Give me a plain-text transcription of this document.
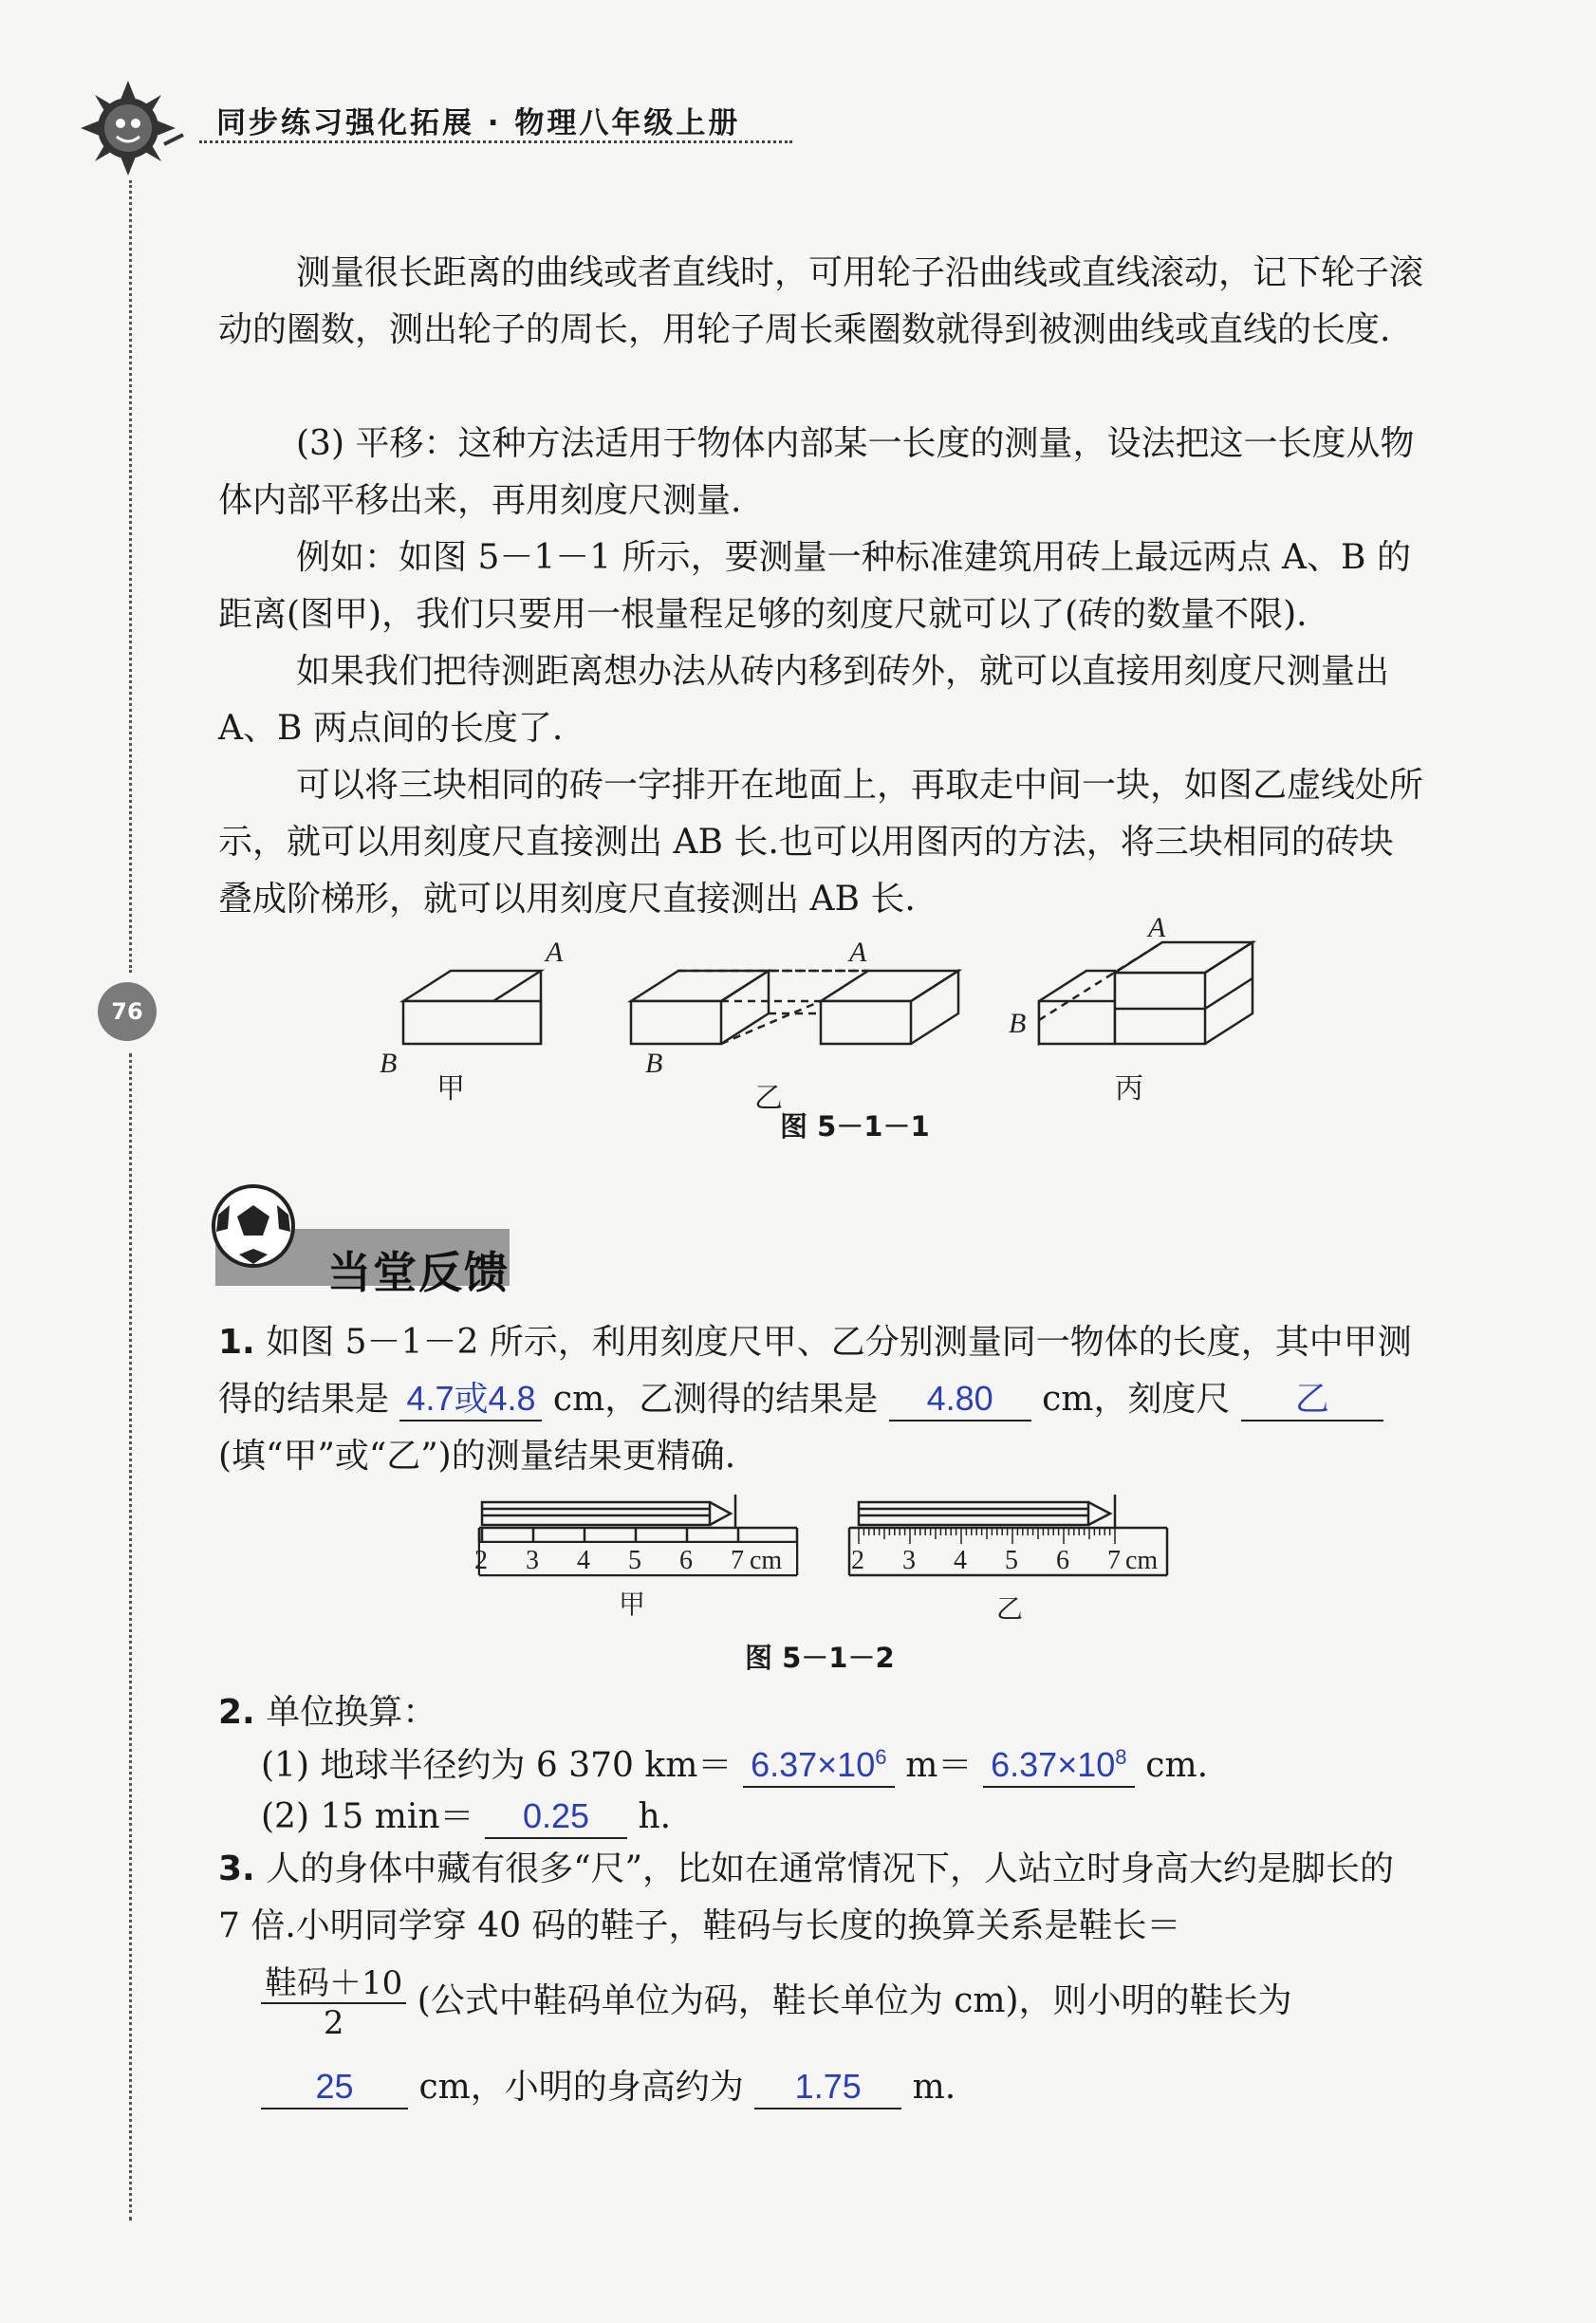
同步练习强化拓展 · 物理八年级上册
76
测量很长距离的曲线或者直线时，可用轮子沿曲线或直线滚动，记下轮子滚动的圈数，测出轮子的周长，用轮子周长乘圈数就得到被测曲线或直线的长度.
(3) 平移：这种方法适用于物体内部某一长度的测量，设法把这一长度从物体内部平移出来，再用刻度尺测量.
例如：如图 5－1－1 所示，要测量一种标准建筑用砖上最远两点 A、B 的距离(图甲)，我们只要用一根量程足够的刻度尺就可以了(砖的数量不限).
如果我们把待测距离想办法从砖内移到砖外，就可以直接用刻度尺测量出 A、B 两点间的长度了.
可以将三块相同的砖一字排开在地面上，再取走中间一块，如图乙虚线处所示，就可以用刻度尺直接测出 AB 长.也可以用图丙的方法，将三块相同的砖块叠成阶梯形，就可以用刻度尺直接测出 AB 长.
A
B
A
B
A
B
甲	乙	丙
图 5－1－1
当堂反馈
1. 如图 5－1－2 所示，利用刻度尺甲、乙分别测量同一物体的长度，其中甲测得的结果是 4.7或4.8 cm，乙测得的结果是 4.80 cm，刻度尺 乙 (填“甲”或“乙”)的测量结果更精确.
2 3 4 5 6 7 cm
甲
2 3 4 5 6 7 cm
乙
图 5－1－2
2. 单位换算：
(1) 地球半径约为 6 370 $km= 6.37\times 10^6$ $m= 6.37\times 10^8$ cm.
(2) 15 min＝ 0.25 h.
3. 人的身体中藏有很多“尺”，比如在通常情况下，人站立时身高大约是脚长的 7 倍.小明同学穿 40 码的鞋子，鞋码与长度的换算关系是鞋长＝
$\frac{\text{鞋码＋10}}{2}$ (公式中鞋码单位为码，鞋长单位为 cm)，则小明的鞋长为
25 cm，小明的身高约为 1.75 m.
